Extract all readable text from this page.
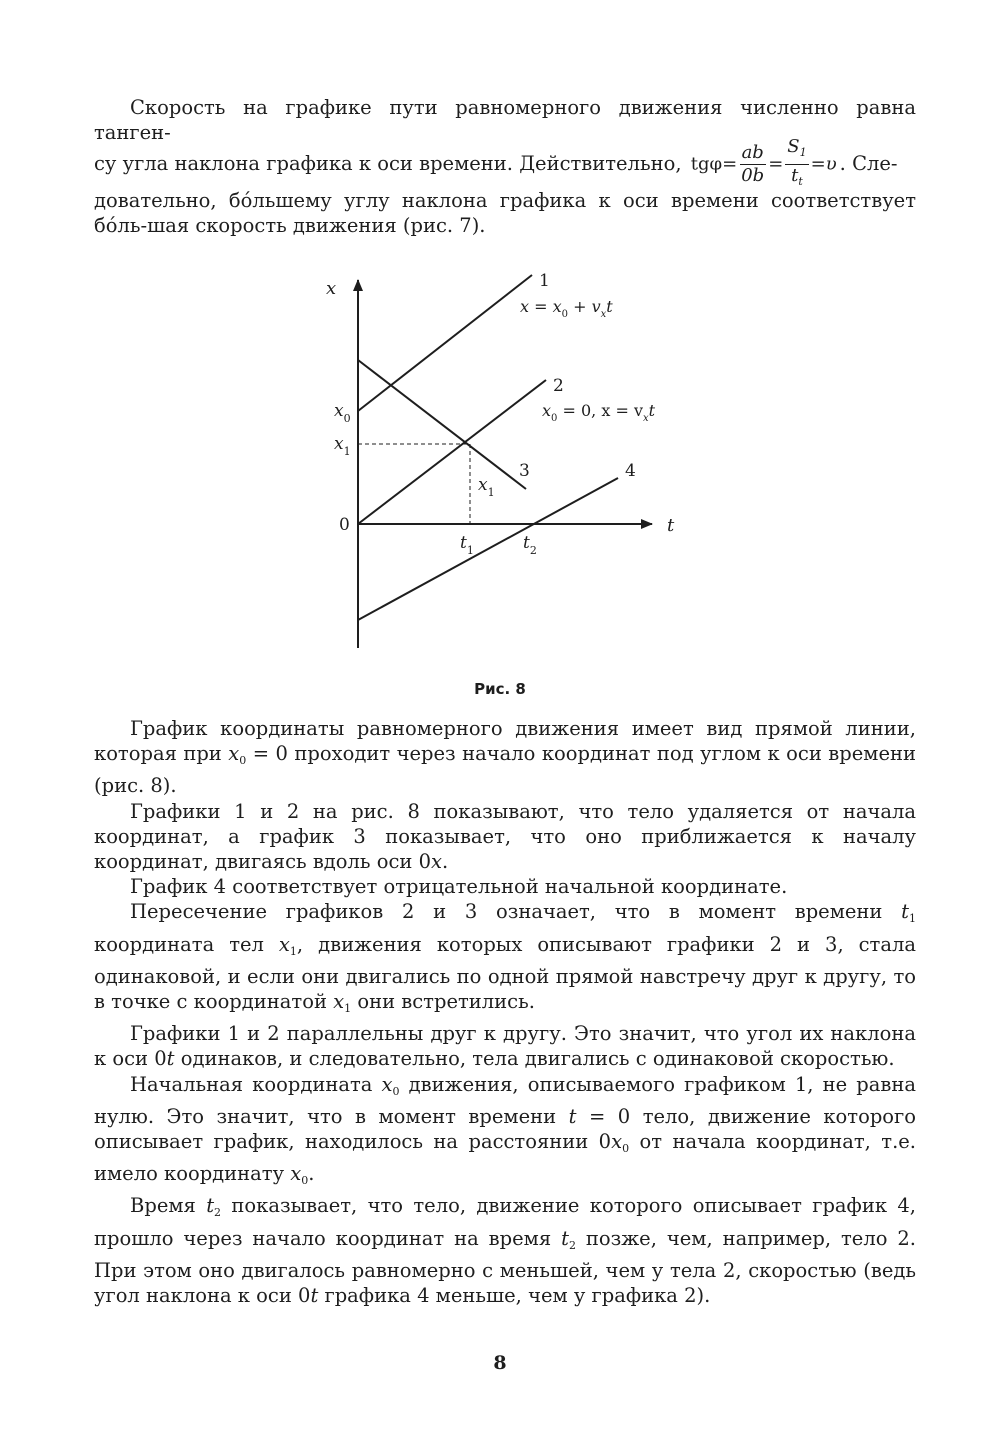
Скорость на графике пути равномерного движения численно равна танген-

су угла наклона графика к оси времени. Действительно, $tg\varphi= \frac{ab}{0b} = \frac{S_1}{t_t} =\upsilon$ . Сле-

довательно, бóльшему углу наклона графика к оси времени соответствует бóль-шая скорость движения (рис. 7).

x
t
0
$x_0$
$x_1$
$x_1$
$t_1$	$t_2$
1
$x = x_0 + v_xt$
2
$x_0 = 0$, $x = v_xt$
3	4
Рис. 8

График координаты равномерного движения имеет вид прямой линии, которая при $x_0 = 0$ проходит через начало координат под углом к оси времени (рис. 8).

Графики 1 и 2 на рис. 8 показывают, что тело удаляется от начала координат, а график 3 показывает, что оно приближается к началу координат, двигаясь вдоль оси 0x.

График 4 соответствует отрицательной начальной координате.

Пересечение графиков 2 и 3 означает, что в момент времени $t_1$ координата тел $x_1$, движения которых описывают графики 2 и 3, стала одинаковой, и если они двигались по одной прямой навстречу друг к другу, то в точке с координатой $x_1$ они встретились.

Графики 1 и 2 параллельны друг к другу. Это значит, что угол их наклона к оси 0t одинаков, и следовательно, тела двигались с одинаковой скоростью.

Начальная координата $x_0$ движения, описываемого графиком 1, не равна нулю. Это значит, что в момент времени t = 0 тело, движение которого описывает график, находилось на расстоянии $0x_0$ от начала координат, т.е. имело координату $x_0$.

Время $t_2$ показывает, что тело, движение которого описывает график 4, прошло через начало координат на время $t_2$ позже, чем, например, тело 2. При этом оно двигалось равномерно с меньшей, чем у тела 2, скоростью (ведь угол наклона к оси 0t графика 4 меньше, чем у графика 2).

8
